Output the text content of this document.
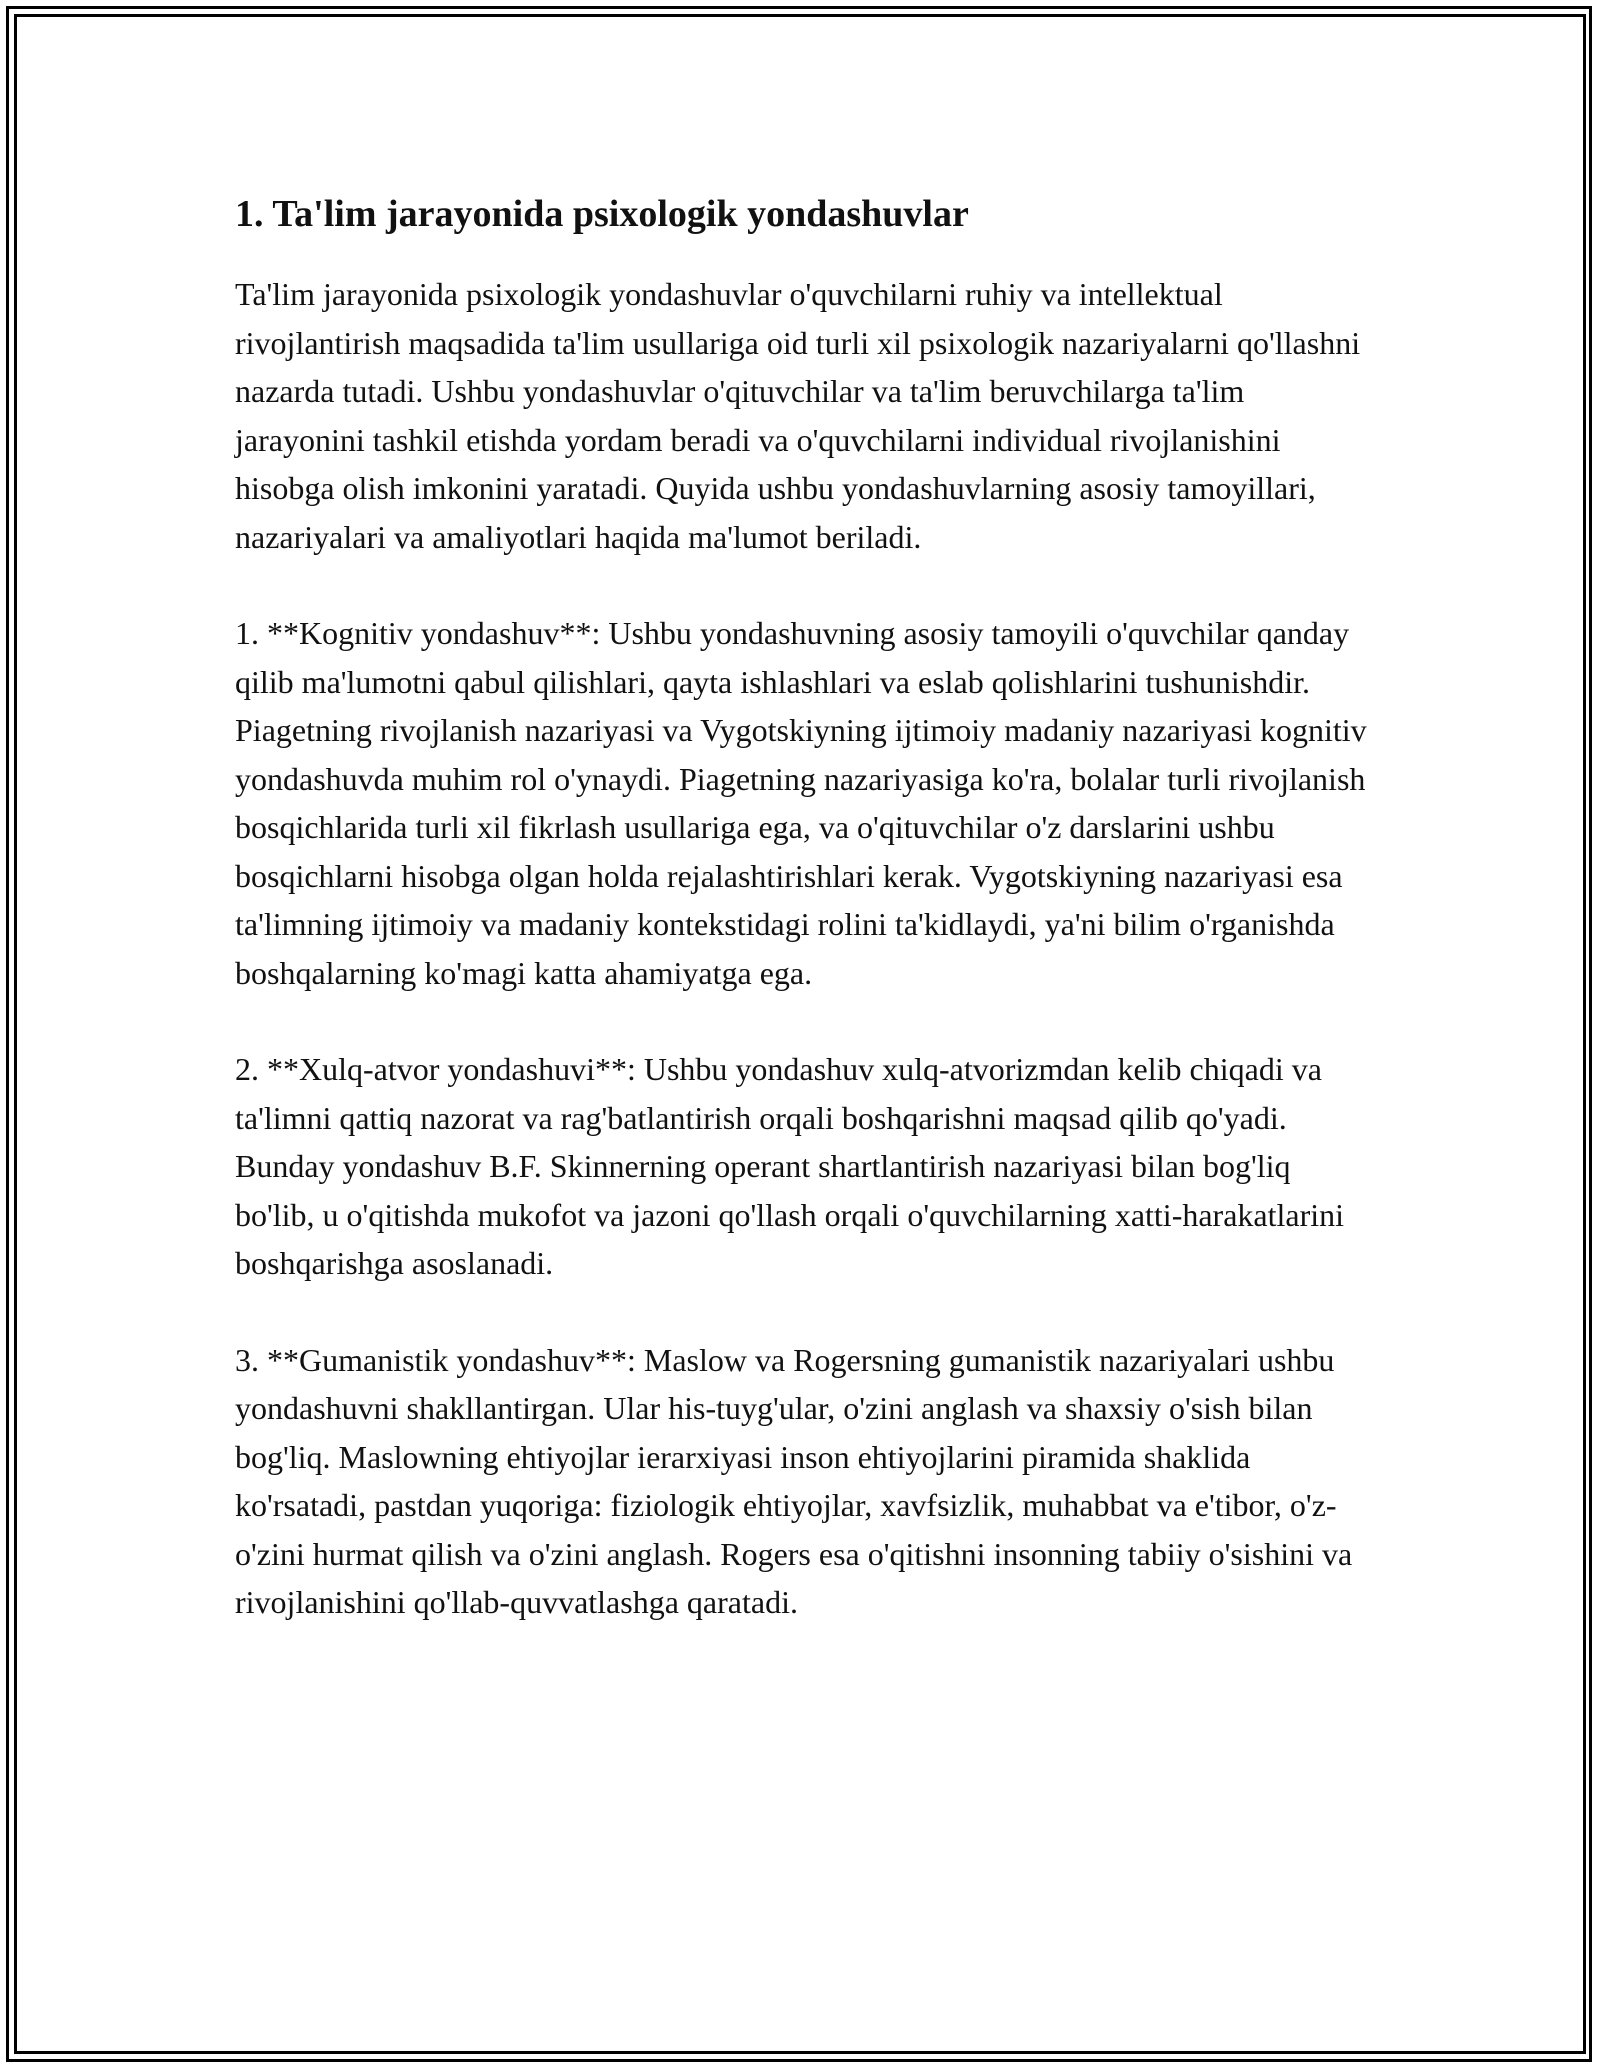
1. Ta'lim jarayonida psixologik yondashuvlar

Ta'lim jarayonida psixologik yondashuvlar o'quvchilarni ruhiy va intellektual rivojlantirish maqsadida ta'lim usullariga oid turli xil psixologik nazariyalarni qo'llashni nazarda tutadi. Ushbu yondashuvlar o'qituvchilar va ta'lim beruvchilarga ta'lim jarayonini tashkil etishda yordam beradi va o'quvchilarni individual rivojlanishini hisobga olish imkonini yaratadi. Quyida ushbu yondashuvlarning asosiy tamoyillari, nazariyalari va amaliyotlari haqida ma'lumot beriladi.

1. **Kognitiv yondashuv**: Ushbu yondashuvning asosiy tamoyili o'quvchilar qanday qilib ma'lumotni qabul qilishlari, qayta ishlashlari va eslab qolishlarini tushunishdir. Piagetning rivojlanish nazariyasi va Vygotskiyning ijtimoiy madaniy nazariyasi kognitiv yondashuvda muhim rol o'ynaydi. Piagetning nazariyasiga ko'ra, bolalar turli rivojlanish bosqichlarida turli xil fikrlash usullariga ega, va o'qituvchilar o'z darslarini ushbu bosqichlarni hisobga olgan holda rejalashtirishlari kerak. Vygotskiyning nazariyasi esa ta'limning ijtimoiy va madaniy kontekstidagi rolini ta'kidlaydi, ya'ni bilim o'rganishda boshqalarning ko'magi katta ahamiyatga ega.

2. **Xulq-atvor yondashuvi**: Ushbu yondashuv xulq-atvorizmdan kelib chiqadi va ta'limni qattiq nazorat va rag'batlantirish orqali boshqarishni maqsad qilib qo'yadi. Bunday yondashuv B.F. Skinnerning operant shartlantirish nazariyasi bilan bog'liq bo'lib, u o'qitishda mukofot va jazoni qo'llash orqali o'quvchilarning xatti-harakatlarini boshqarishga asoslanadi.

3. **Gumanistik yondashuv**: Maslow va Rogersning gumanistik nazariyalari ushbu yondashuvni shakllantirgan. Ular his-tuyg'ular, o'zini anglash va shaxsiy o'sish bilan bog'liq. Maslowning ehtiyojlar ierarxiyasi inson ehtiyojlarini piramida shaklida ko'rsatadi, pastdan yuqoriga: fiziologik ehtiyojlar, xavfsizlik, muhabbat va e'tibor, o'z-o'zini hurmat qilish va o'zini anglash. Rogers esa o'qitishni insonning tabiiy o'sishini va rivojlanishini qo'llab-quvvatlashga qaratadi.
